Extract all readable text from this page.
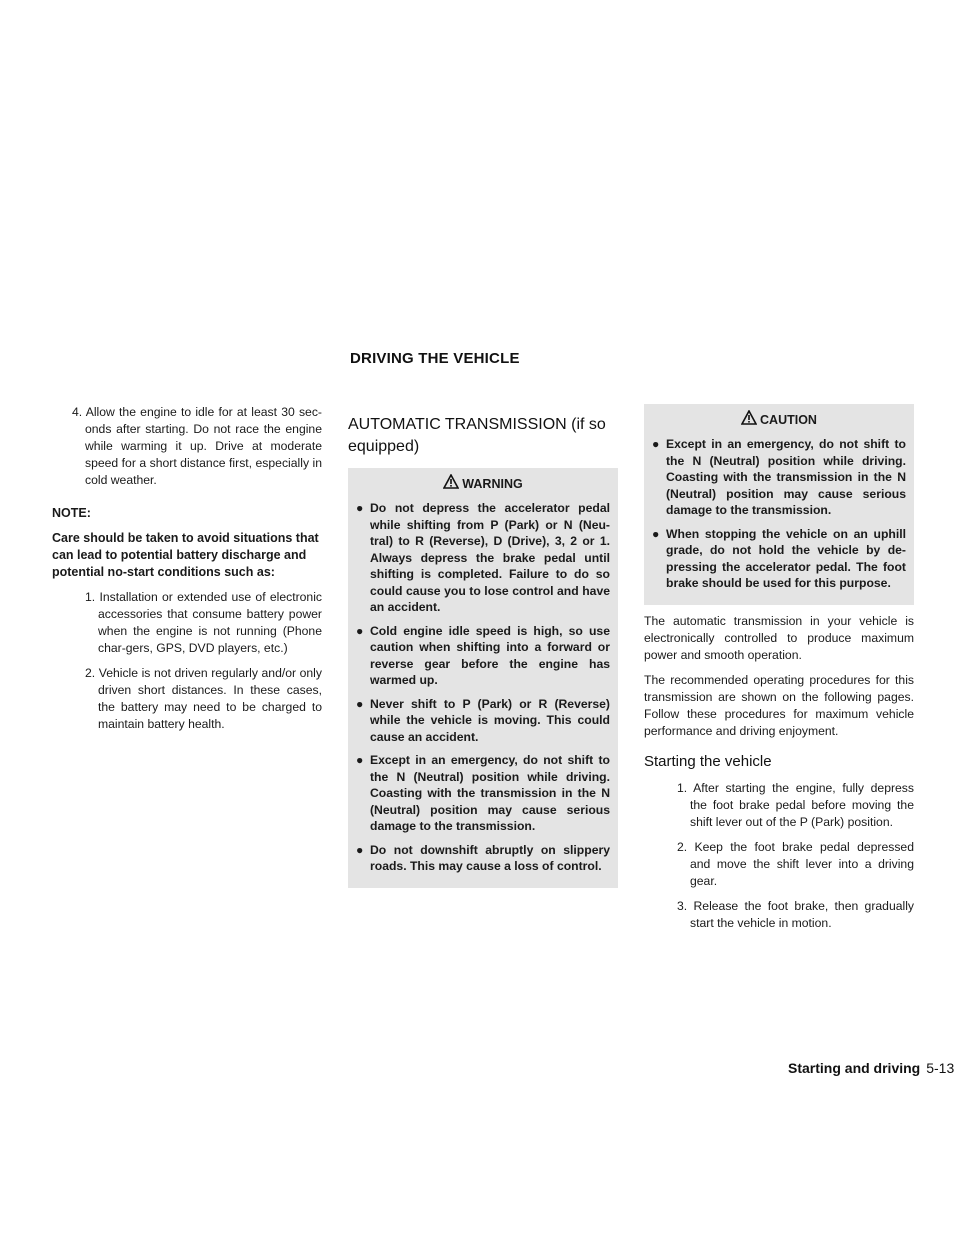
DRIVING THE VEHICLE

4. Allow the engine to idle for at least 30 sec-onds after starting. Do not race the engine while warming it up. Drive at moderate speed for a short distance first, especially in cold weather.

NOTE:

Care should be taken to avoid situations that can lead to potential battery discharge and potential no-start conditions such as:

1. Installation or extended use of electronic accessories that consume battery power when the engine is not running (Phone char-gers, GPS, DVD players, etc.)

2. Vehicle is not driven regularly and/or only driven short distances. In these cases, the battery may need to be charged to maintain battery health.

AUTOMATIC TRANSMISSION (if so equipped)
WARNING
● Do not depress the accelerator pedal while shifting from P (Park) or N (Neu-tral) to R (Reverse), D (Drive), 3, 2 or 1. Always depress the brake pedal until shifting is completed. Failure to do so could cause you to lose control and have an accident.
● Cold engine idle speed is high, so use caution when shifting into a forward or reverse gear before the engine has warmed up.
● Never shift to P (Park) or R (Reverse) while the vehicle is moving. This could cause an accident.
● Except in an emergency, do not shift to the N (Neutral) position while driving. Coasting with the transmission in the N (Neutral) position may cause serious damage to the transmission.
● Do not downshift abruptly on slippery roads. This may cause a loss of control.
CAUTION
● Except in an emergency, do not shift to the N (Neutral) position while driving. Coasting with the transmission in the N (Neutral) position may cause serious damage to the transmission.
● When stopping the vehicle on an uphill grade, do not hold the vehicle by de-pressing the accelerator pedal. The foot brake should be used for this purpose.

The automatic transmission in your vehicle is electronically controlled to produce maximum power and smooth operation.

The recommended operating procedures for this transmission are shown on the following pages. Follow these procedures for maximum vehicle performance and driving enjoyment.

Starting the vehicle

1. After starting the engine, fully depress the foot brake pedal before moving the shift lever out of the P (Park) position.

2. Keep the foot brake pedal depressed and move the shift lever into a driving gear.

3. Release the foot brake, then gradually start the vehicle in motion.

Starting and driving 5-13
